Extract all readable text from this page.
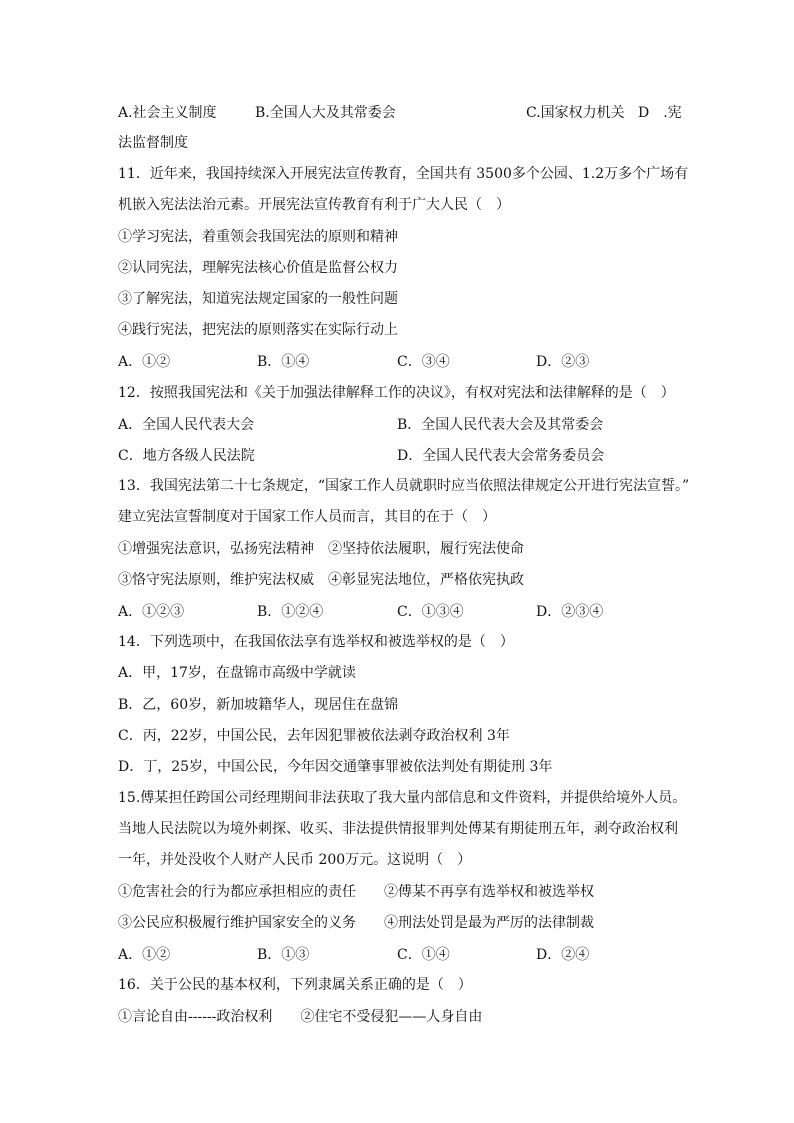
A.社会主义制度	B.全国人大及其常委会	C.国家权力机关 D　.宪
法监督制度
11．近年来，我国持续深入开展宪法宣传教育，全国共有 3500多个公园、1.2万多个广场有
机嵌入宪法法治元素。开展宪法宣传教育有利于广大人民（　）
①学习宪法，着重领会我国宪法的原则和精神
②认同宪法，理解宪法核心价值是监督公权力
③了解宪法，知道宪法规定国家的一般性问题
④践行宪法，把宪法的原则落实在实际行动上
A．①②	B．①④	C．③④	D．②③
12．按照我国宪法和《关于加强法律解释工作的决议》，有权对宪法和法律解释的是（　）
A．全国人民代表大会	B．全国人民代表大会及其常委会
C．地方各级人民法院	D．全国人民代表大会常务委员会
13．我国宪法第二十七条规定，“国家工作人员就职时应当依照法律规定公开进行宪法宣誓。”
建立宪法宣誓制度对于国家工作人员而言，其目的在于（　）
①增强宪法意识，弘扬宪法精神　②坚持依法履职，履行宪法使命
③恪守宪法原则，维护宪法权威　④彰显宪法地位，严格依宪执政
A．①②③	B．①②④	C．①③④	D．②③④
14．下列选项中，在我国依法享有选举权和被选举权的是（　）
A．甲，17岁，在盘锦市高级中学就读
B．乙，60岁，新加坡籍华人，现居住在盘锦
C．丙，22岁，中国公民，去年因犯罪被依法剥夺政治权利 3年
D．丁，25岁，中国公民，今年因交通肇事罪被依法判处有期徒刑 3年
15.傅某担任跨国公司经理期间非法获取了我大量内部信息和文件资料，并提供给境外人员。
当地人民法院以为境外刺探、收买、非法提供情报罪判处傅某有期徒刑五年，剥夺政治权利
一年，并处没收个人财产人民币 200万元。这说明（　）
①危害社会的行为都应承担相应的责任　　②傅某不再享有选举权和被选举权
③公民应积极履行维护国家安全的义务　　④刑法处罚是最为严厉的法律制裁
A．①②	B．①③	C．①④	D．②④
16．关于公民的基本权利，下列隶属关系正确的是（　）
①言论自由------政治权利　　②住宅不受侵犯——人身自由
